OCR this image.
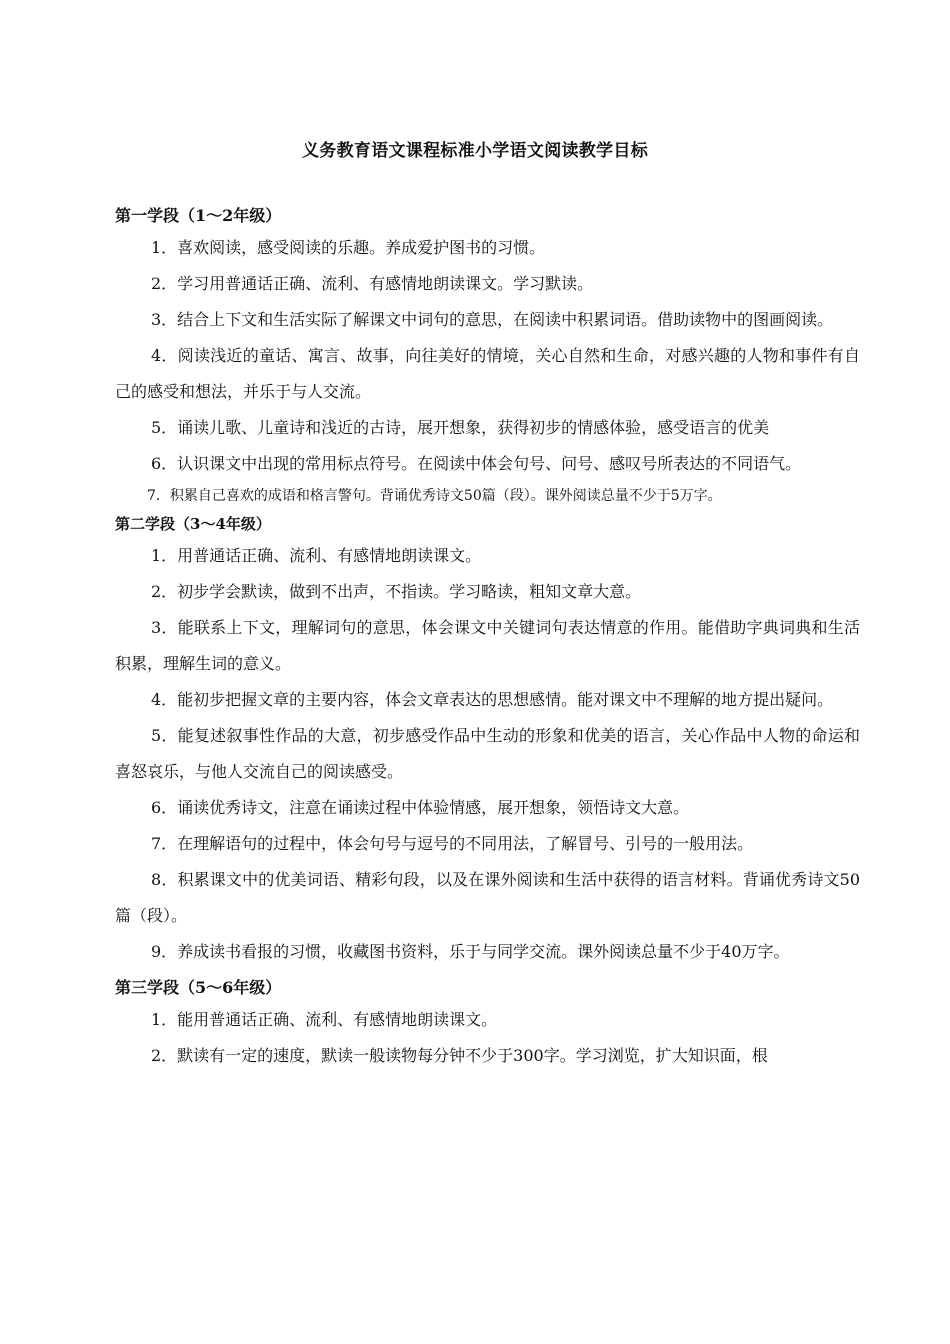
义务教育语文课程标准小学语文阅读教学目标

第一学段（1～2年级）

1．喜欢阅读，感受阅读的乐趣。养成爱护图书的习惯。

2．学习用普通话正确、流利、有感情地朗读课文。学习默读。

3．结合上下文和生活实际了解课文中词句的意思，在阅读中积累词语。借助读物中的图画阅读。

4．阅读浅近的童话、寓言、故事，向往美好的情境，关心自然和生命，对感兴趣的人物和事件有自己的感受和想法，并乐于与人交流。

5．诵读儿歌、儿童诗和浅近的古诗，展开想象，获得初步的情感体验，感受语言的优美

6．认识课文中出现的常用标点符号。在阅读中体会句号、问号、感叹号所表达的不同语气。

7．积累自己喜欢的成语和格言警句。背诵优秀诗文50篇（段）。课外阅读总量不少于5万字。

第二学段（3～4年级）

1．用普通话正确、流利、有感情地朗读课文。

2．初步学会默读，做到不出声，不指读。学习略读，粗知文章大意。

3．能联系上下文，理解词句的意思，体会课文中关键词句表达情意的作用。能借助字典词典和生活积累，理解生词的意义。

4．能初步把握文章的主要内容，体会文章表达的思想感情。能对课文中不理解的地方提出疑问。

5．能复述叙事性作品的大意，初步感受作品中生动的形象和优美的语言，关心作品中人物的命运和喜怒哀乐，与他人交流自己的阅读感受。

6．诵读优秀诗文，注意在诵读过程中体验情感，展开想象，领悟诗文大意。

7．在理解语句的过程中，体会句号与逗号的不同用法，了解冒号、引号的一般用法。

8．积累课文中的优美词语、精彩句段，以及在课外阅读和生活中获得的语言材料。背诵优秀诗文50篇（段）。

9．养成读书看报的习惯，收藏图书资料，乐于与同学交流。课外阅读总量不少于40万字。

第三学段（5～6年级）

1．能用普通话正确、流利、有感情地朗读课文。

2．默读有一定的速度，默读一般读物每分钟不少于300字。学习浏览，扩大知识面，根
